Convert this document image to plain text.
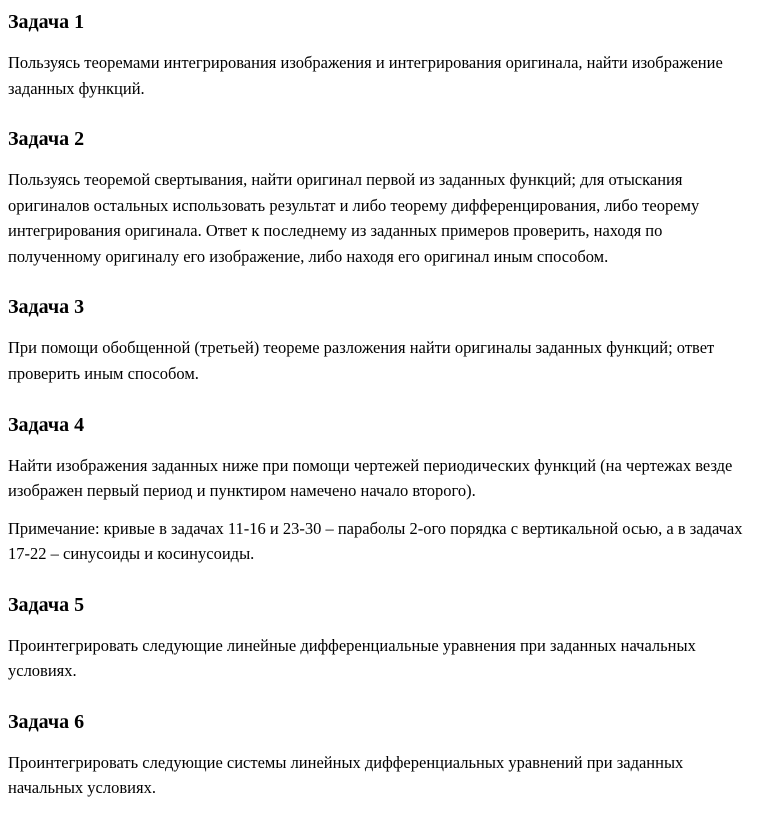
Задача 1

Пользуясь теоремами интегрирования изображения и интегрирования оригинала, найти изображение заданных функций.

Задача 2

Пользуясь теоремой свертывания, найти оригинал первой из заданных функций; для отыскания оригиналов остальных использовать результат и либо теорему дифференцирования, либо теорему интегрирования оригинала. Ответ к последнему из заданных примеров проверить, находя по полученному оригиналу его изображение, либо находя его оригинал иным способом.

Задача 3

При помощи обобщенной (третьей) теореме разложения найти оригиналы заданных функций; ответ проверить иным способом.

Задача 4

Найти изображения заданных ниже при помощи чертежей периодических функций (на чертежах везде изображен первый период и пунктиром намечено начало второго).

Примечание: кривые в задачах 11-16 и 23-30 – параболы 2-ого порядка с вертикальной осью, а в задачах 17-22 – синусоиды и косинусоиды.

Задача 5

Проинтегрировать следующие линейные дифференциальные уравнения при заданных начальных условиях.

Задача 6

Проинтегрировать следующие системы линейных дифференциальных уравнений при заданных начальных условиях.
